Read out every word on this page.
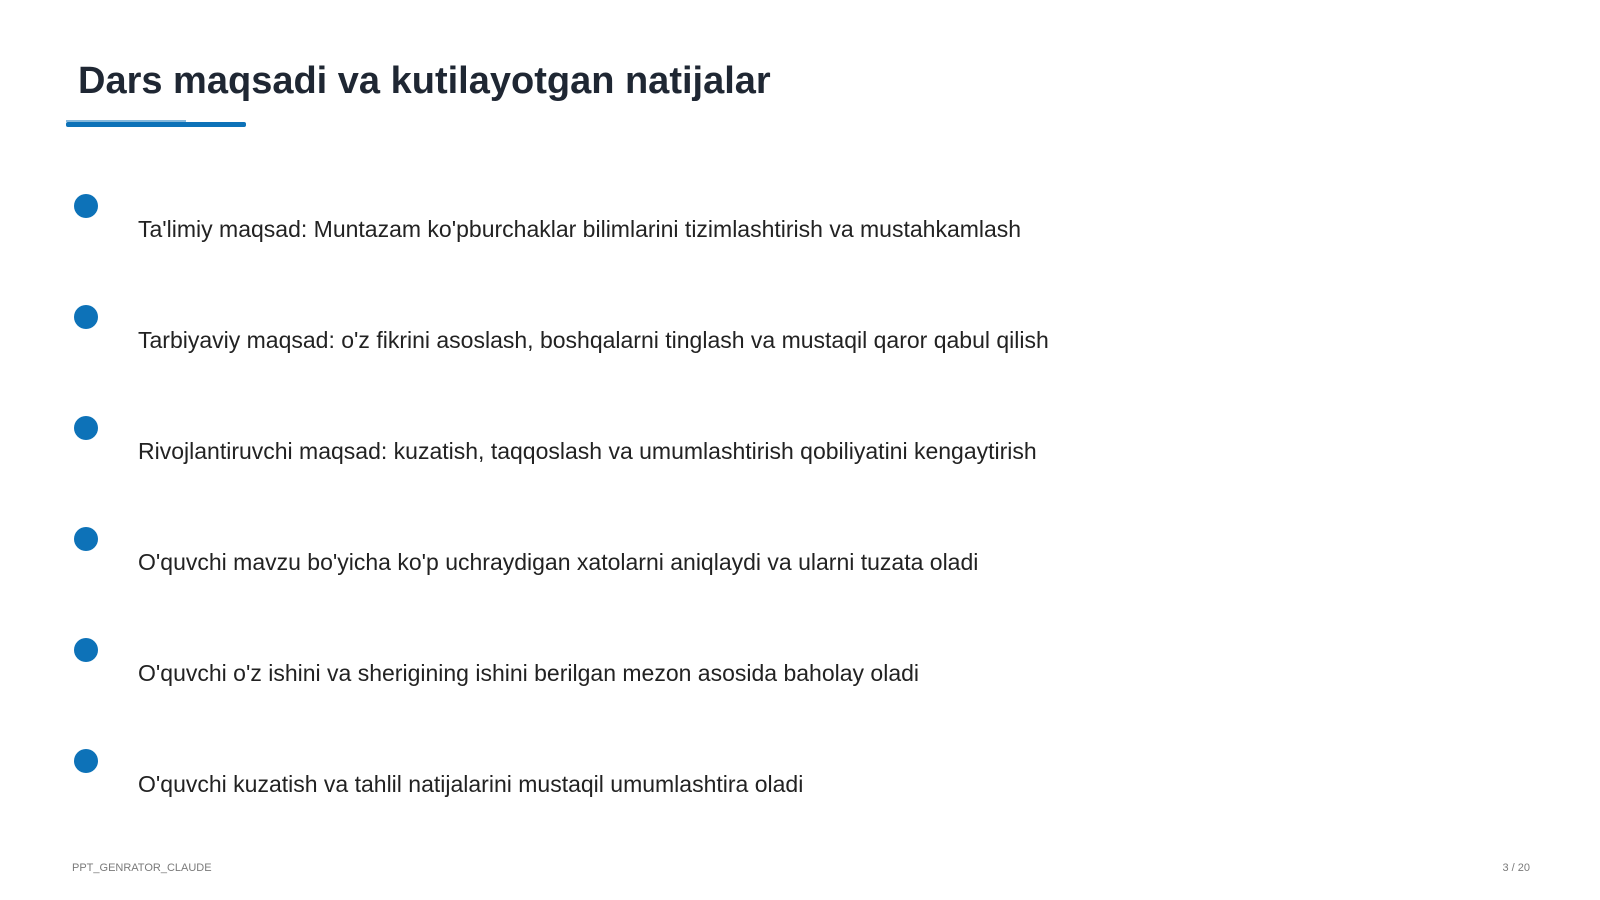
Dars maqsadi va kutilayotgan natijalar
Ta'limiy maqsad: Muntazam ko'pburchaklar bilimlarini tizimlashtirish va mustahkamlash
Tarbiyaviy maqsad: o'z fikrini asoslash, boshqalarni tinglash va mustaqil qaror qabul qilish
Rivojlantiruvchi maqsad: kuzatish, taqqoslash va umumlashtirish qobiliyatini kengaytirish
O'quvchi mavzu bo'yicha ko'p uchraydigan xatolarni aniqlaydi va ularni tuzata oladi
O'quvchi o'z ishini va sherigining ishini berilgan mezon asosida baholay oladi
O'quvchi kuzatish va tahlil natijalarini mustaqil umumlashtira oladi
PPT_GENRATOR_CLAUDE	3 / 20
